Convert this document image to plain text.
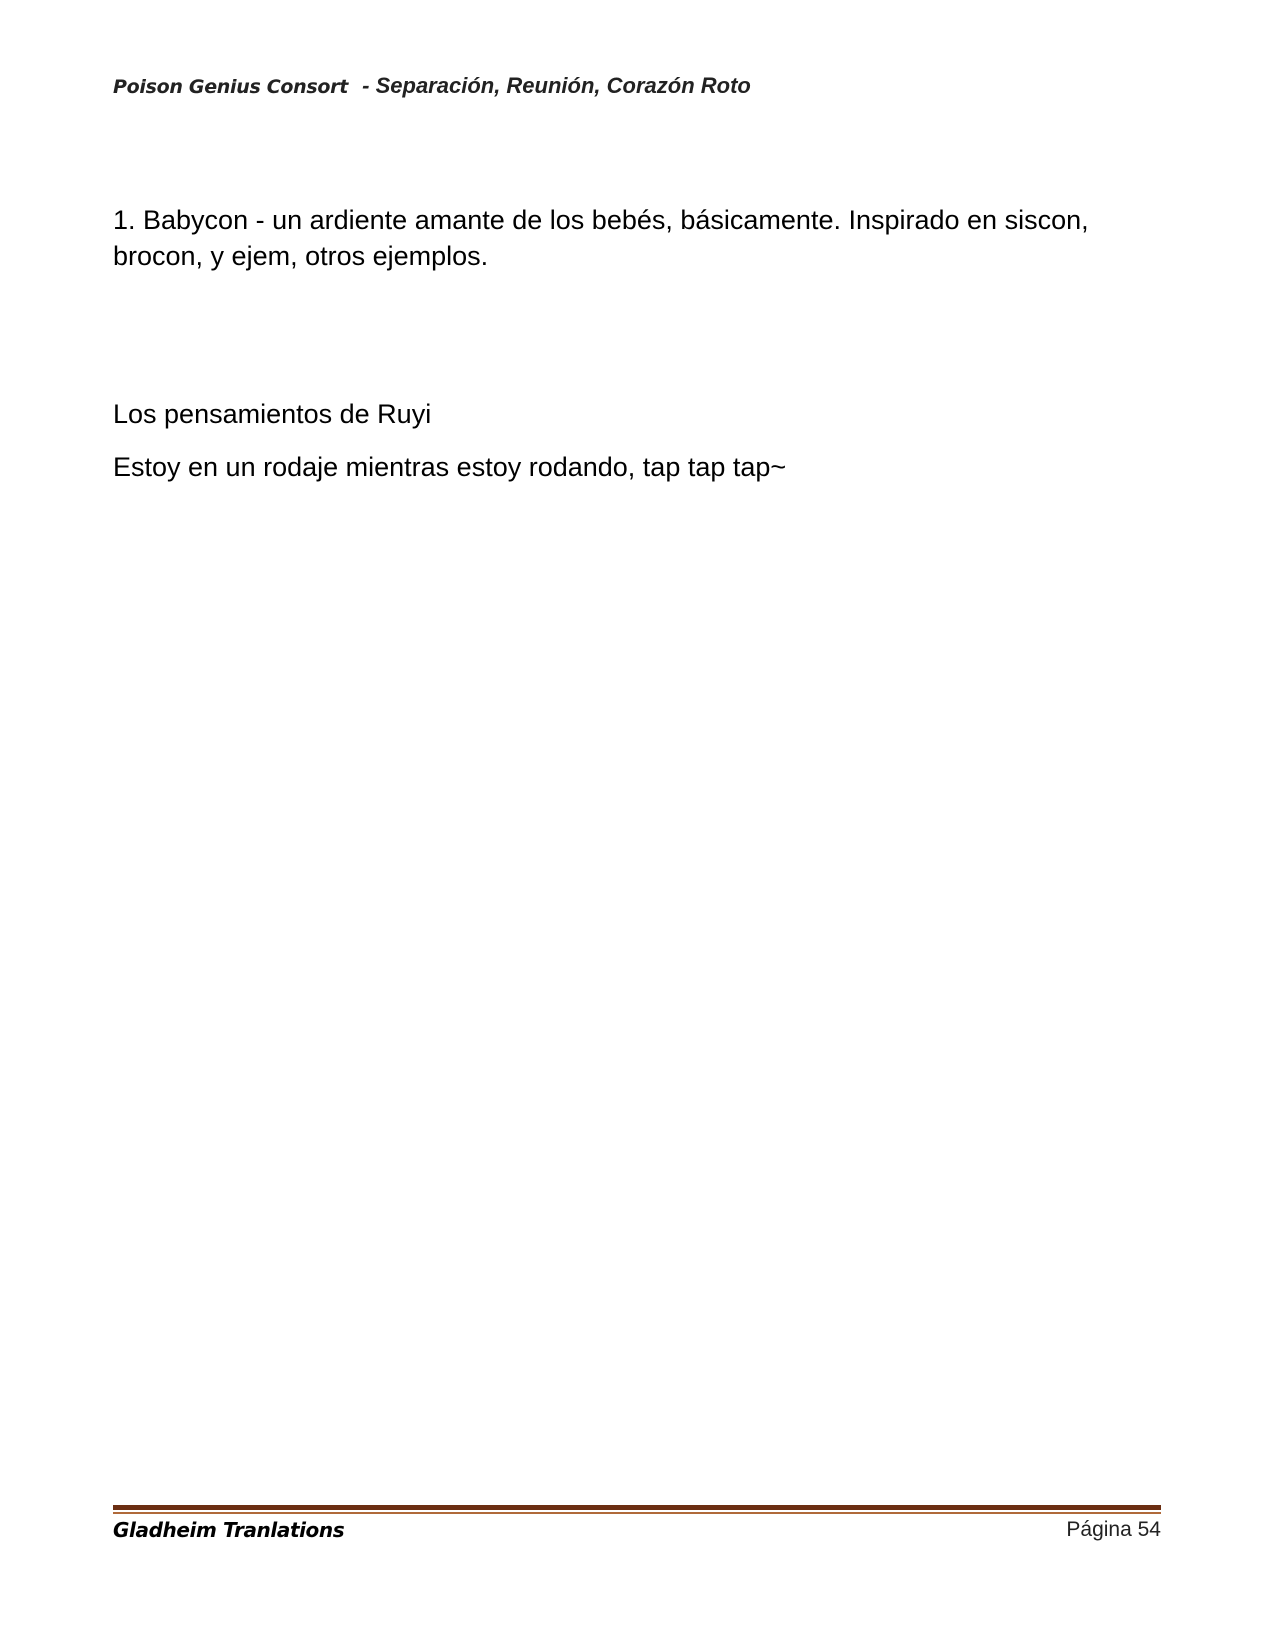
Poison Genius Consort - Separación, Reunión, Corazón Roto
1. Babycon - un ardiente amante de los bebés, básicamente. Inspirado en siscon, brocon, y ejem, otros ejemplos.
Los pensamientos de Ruyi
Estoy en un rodaje mientras estoy rodando, tap tap tap~
Gladheim Tranlations	Página 54
